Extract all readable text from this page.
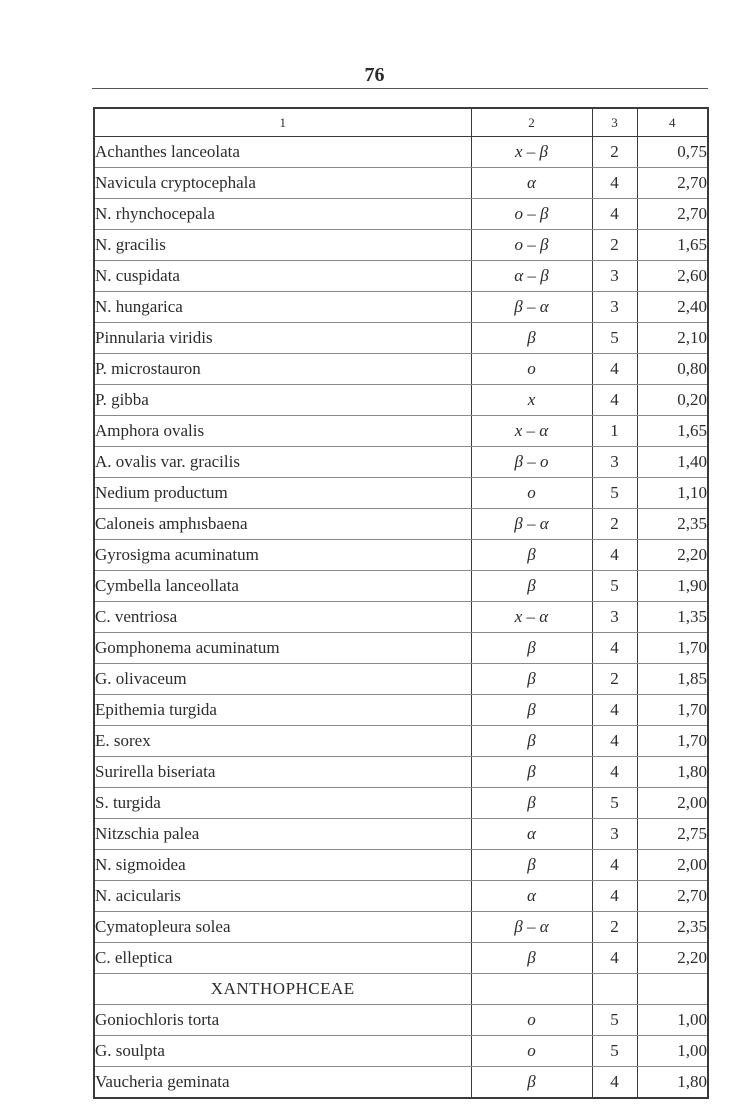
76
1	2	3	4
Achanthes lanceolata	x – β	2	0,75
Navicula cryptocephala	α	4	2,70
N. rhynchocepala	o – β	4	2,70
N. gracilis	o – β	2	1,65
N. cuspidata	α – β	3	2,60
N. hungarica	β – α	3	2,40
Pinnularia viridis	β	5	2,10
P. microstauron	o	4	0,80
P. gibba	x	4	0,20
Amphora ovalis	x – α	1	1,65
A. ovalis var. gracilis	β – o	3	1,40
Nedium productum	o	5	1,10
Caloneis amphısbaena	β – α	2	2,35
Gyrosigma acuminatum	β	4	2,20
Cymbella lanceollata	β	5	1,90
C. ventriosa	x – α	3	1,35
Gomphonema acuminatum	β	4	1,70
G. olivaceum	β	2	1,85
Epithemia turgida	β	4	1,70
E. sorex	β	4	1,70
Surirella biseriata	β	4	1,80
S. turgida	β	5	2,00
Nitzschia palea	α	3	2,75
N. sigmoidea	β	4	2,00
N. acicularis	α	4	2,70
Cymatopleura solea	β – α	2	2,35
C. elleptica	β	4	2,20
XANTHOPHCEAE			
Goniochloris torta	o	5	1,00
G. soulpta	o	5	1,00
Vaucheria geminata	β	4	1,80
